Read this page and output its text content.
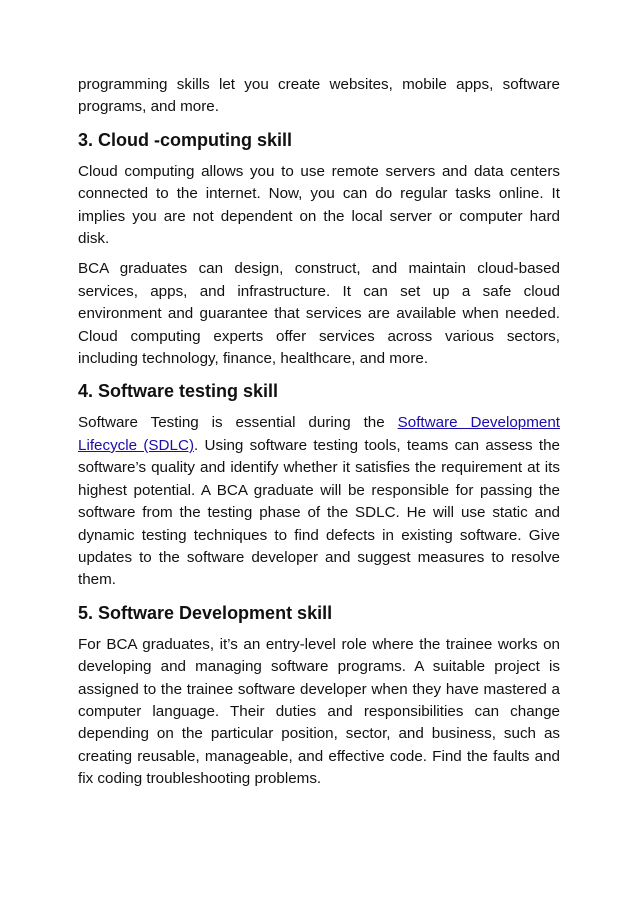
programming skills let you create websites, mobile apps, software programs, and more.

3. Cloud -computing skill

Cloud computing allows you to use remote servers and data centers connected to the internet. Now, you can do regular tasks online. It implies you are not dependent on the local server or computer hard disk.

BCA graduates can design, construct, and maintain cloud-based services, apps, and infrastructure. It can set up a safe cloud environment and guarantee that services are available when needed. Cloud computing experts offer services across various sectors, including technology, finance, healthcare, and more.

4. Software testing skill

Software Testing is essential during the Software Development Lifecycle (SDLC). Using software testing tools, teams can assess the software’s quality and identify whether it satisfies the requirement at its highest potential. A BCA graduate will be responsible for passing the software from the testing phase of the SDLC. He will use static and dynamic testing techniques to find defects in existing software. Give updates to the software developer and suggest measures to resolve them.

5. Software Development skill

For BCA graduates, it’s an entry-level role where the trainee works on developing and managing software programs. A suitable project is assigned to the trainee software developer when they have mastered a computer language. Their duties and responsibilities can change depending on the particular position, sector, and business, such as creating reusable, manageable, and effective code. Find the faults and fix coding troubleshooting problems.
